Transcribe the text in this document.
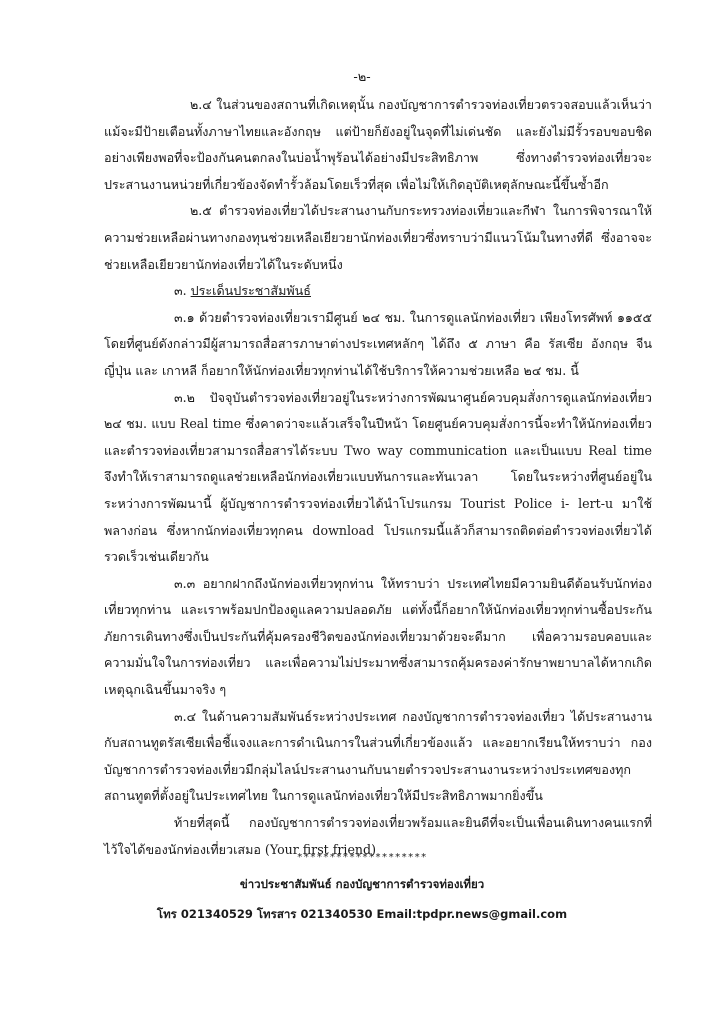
-๒-

๒.๔ ในส่วนของสถานที่เกิดเหตุนั้น กองบัญชาการตำรวจท่องเที่ยวตรวจสอบแล้วเห็นว่า แม้จะมีป้ายเตือนทั้งภาษาไทยและอังกฤษ แต่ป้ายก็ยังอยู่ในจุดที่ไม่เด่นชัด และยังไม่มีรั้วรอบขอบชิดอย่างเพียงพอที่จะป้องกันคนตกลงในบ่อน้ำพุร้อนได้อย่างมีประสิทธิภาพ ซึ่งทางตำรวจท่องเที่ยวจะประสานงานหน่วยที่เกี่ยวข้องจัดทำรั้วล้อมโดยเร็วที่สุด เพื่อไม่ให้เกิดอุบัติเหตุลักษณะนี้ขึ้นซ้ำอีก

๒.๕ ตำรวจท่องเที่ยวได้ประสานงานกับกระทรวงท่องเที่ยวและกีฬา ในการพิจารณาให้ความช่วยเหลือผ่านทางกองทุนช่วยเหลือเยียวยานักท่องเที่ยวซึ่งทราบว่ามีแนวโน้มในทางที่ดี ซึ่งอาจจะช่วยเหลือเยียวยานักท่องเที่ยวได้ในระดับหนึ่ง

๓. ประเด็นประชาสัมพันธ์

๓.๑ ด้วยตำรวจท่องเที่ยวเรามีศูนย์ ๒๔ ชม. ในการดูแลนักท่องเที่ยว เพียงโทรศัพท์ ๑๑๕๕ โดยที่ศูนย์ดังกล่าวมีผู้สามารถสื่อสารภาษาต่างประเทศหลักๆ ได้ถึง ๕ ภาษา คือ รัสเซีย อังกฤษ จีน ญี่ปุ่น และ เกาหลี ก็อยากให้นักท่องเที่ยวทุกท่านได้ใช้บริการให้ความช่วยเหลือ ๒๔ ชม. นี้

๓.๒ ปัจจุบันตำรวจท่องเที่ยวอยู่ในระหว่างการพัฒนาศูนย์ควบคุมสั่งการดูแลนักท่องเที่ยว ๒๔ ชม. แบบ Real time ซึ่งคาดว่าจะแล้วเสร็จในปีหน้า โดยศูนย์ควบคุมสั่งการนี้จะทำให้นักท่องเที่ยวและตำรวจท่องเที่ยวสามารถสื่อสารได้ระบบ Two way communication และเป็นแบบ Real time จึงทำให้เราสามารถดูแลช่วยเหลือนักท่องเที่ยวแบบทันการและทันเวลา โดยในระหว่างที่ศูนย์อยู่ในระหว่างการพัฒนานี้ ผู้บัญชาการตำรวจท่องเที่ยวได้นำโปรแกรม Tourist Police i- lert-u มาใช้พลางก่อน ซึ่งหากนักท่องเที่ยวทุกคน download โปรแกรมนี้แล้วก็สามารถติดต่อตำรวจท่องเที่ยวได้รวดเร็วเช่นเดียวกัน

๓.๓ อยากฝากถึงนักท่องเที่ยวทุกท่าน ให้ทราบว่า ประเทศไทยมีความยินดีต้อนรับนักท่องเที่ยวทุกท่าน และเราพร้อมปกป้องดูแลความปลอดภัย แต่ทั้งนี้ก็อยากให้นักท่องเที่ยวทุกท่านซื้อประกันภัยการเดินทางซึ่งเป็นประกันที่คุ้มครองชีวิตของนักท่องเที่ยวมาด้วยจะดีมาก เพื่อความรอบคอบและความมั่นใจในการท่องเที่ยว และเพื่อความไม่ประมาทซึ่งสามารถคุ้มครองค่ารักษาพยาบาลได้หากเกิดเหตุฉุกเฉินขึ้นมาจริง ๆ

๓.๔ ในด้านความสัมพันธ์ระหว่างประเทศ กองบัญชาการตำรวจท่องเที่ยว ได้ประสานงานกับสถานทูตรัสเซียเพื่อชี้แจงและการดำเนินการในส่วนที่เกี่ยวข้องแล้ว และอยากเรียนให้ทราบว่า กองบัญชาการตำรวจท่องเที่ยวมีกลุ่มไลน์ประสานงานกับนายตำรวจประสานงานระหว่างประเทศของทุกสถานทูตที่ตั้งอยู่ในประเทศไทย ในการดูแลนักท่องเที่ยวให้มีประสิทธิภาพมากยิ่งขึ้น

ท้ายที่สุดนี้ กองบัญชาการตำรวจท่องเที่ยวพร้อมและยินดีที่จะเป็นเพื่อนเดินทางคนแรกที่ไว้ใจได้ของนักท่องเที่ยวเสมอ (Your first friend)

********************
ข่าวประชาสัมพันธ์ กองบัญชาการตำรวจท่องเที่ยว
โทร 021340529 โทรสาร 021340530 Email:tpdpr.news@gmail.com
